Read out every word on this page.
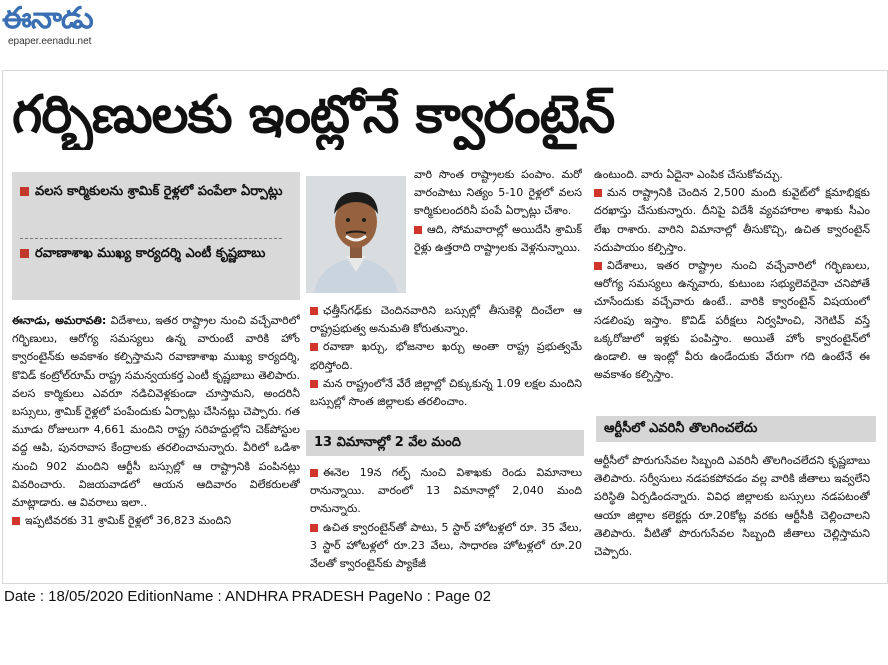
ఈనాడు
epaper.eenadu.net
గర్భిణులకు ఇంట్లోనే క్వారంటైన్
వలస కార్మికులను శ్రామిక్ రైళ్లలో పంపేలా ఏర్పాట్లు
రవాణాశాఖ ముఖ్య కార్యదర్శి ఎంటీ కృష్ణబాబు

ఈనాడు, అమరావతి: విదేశాలు, ఇతర రాష్ట్రాల నుంచి వచ్చేవారిలో గర్భిణులు, ఆరోగ్య సమస్యలు ఉన్న వారుంటే వారికి హోం క్వారంటైన్‌కు అవకాశం కల్పిస్తామని రవాణాశాఖ ముఖ్య కార్యదర్శి, కొవిడ్ కంట్రోల్‌రూమ్ రాష్ట్ర సమన్వయకర్త ఎంటీ కృష్ణబాబు తెలిపారు. వలస కార్మికులు ఎవరూ నడిచివెళ్లకుండా చూస్తామని, అందరినీ బస్సులు, శ్రామిక్ రైళ్లలో పంపేందుకు ఏర్పాట్లు చేసినట్లు చెప్పారు. గత మూడు రోజులుగా 4,661 మందిని రాష్ట్ర సరిహద్దుల్లోని చెక్‌పోస్టుల వద్ద ఆపి, పునరావాస కేంద్రాలకు తరలించామన్నారు. వీరిలో ఒడిశా నుంచి 902 మందిని ఆర్టీసీ బస్సుల్లో ఆ రాష్ట్రానికి పంపినట్లు వివరించారు. విజయవాడలో ఆయన ఆదివారం విలేకరులతో మాట్లాడారు. ఆ వివరాలు ఇలా..

ఇప్పటివరకు 31 శ్రామిక్ రైళ్లలో 36,823 మందిని

వారి సొంత రాష్ట్రాలకు పంపాం. మరో వారంపాటు నిత్యం 5-10 రైళ్లలో వలస కార్మికులందరినీ పంపే ఏర్పాట్లు చేశాం.

ఆది, సోమవారాల్లో అయిదేసి శ్రామిక్ రైళ్లు ఉత్తరాది రాష్ట్రాలకు వెళ్లనున్నాయి.

ఛత్తీస్‌గఢ్‌కు చెందినవారిని బస్సుల్లో తీసుకెళ్లి దించేలా ఆ రాష్ట్రప్రభుత్వ అనుమతి కోరుతున్నాం.

రవాణా ఖర్చు, భోజనాల ఖర్చు అంతా రాష్ట్ర ప్రభుత్వమే భరిస్తోంది.

మన రాష్ట్రంలోనే వేరే జిల్లాల్లో చిక్కుకున్న 1.09 లక్షల మందిని బస్సుల్లో సొంత జిల్లాలకు తరలించాం.

13 విమానాల్లో 2 వేల మంది

ఈనెల 19న గల్ఫ్ నుంచి విశాఖకు రెండు విమానాలు రానున్నాయి. వారంలో 13 విమానాల్లో 2,040 మంది రానున్నారు.

ఉచిత క్వారంటైన్‌తో పాటు, 5 స్టార్ హోటళ్లలో రూ. 35 వేలు, 3 స్టార్ హోటళ్లలో రూ.23 వేలు, సాధారణ హోటళ్లలో రూ.20 వేలతో క్వారంటైన్‌కు ప్యాకేజీ

ఉంటుంది. వారు ఏదైనా ఎంపిక చేసుకోవచ్చు.

మన రాష్ట్రానికి చెందిన 2,500 మంది కువైట్‌లో క్షమాభిక్షకు దరఖాస్తు చేసుకున్నారు. దీనిపై విదేశీ వ్యవహారాల శాఖకు సీఎం లేఖ రాశారు. వారిని విమానాల్లో తీసుకొచ్చి, ఉచిత క్వారంటైన్ సదుపాయం కల్పిస్తాం.

విదేశాలు, ఇతర రాష్ట్రాల నుంచి వచ్చేవారిలో గర్భిణులు, ఆరోగ్య సమస్యలు ఉన్నవారు, కుటుంబ సభ్యులెవరైనా చనిపోతే చూసేందుకు వచ్చేవారు ఉంటే.. వారికి క్వారంటైన్ విషయంలో సడలింపు ఇస్తాం. కొవిడ్ పరీక్షలు నిర్వహించి, నెగెటివ్ వస్తే ఒక్కరోజులో ఇళ్లకు పంపిస్తాం. అయితే హోం క్వారంటైన్‌లో ఉండాలి. ఆ ఇంట్లో వీరు ఉండేందుకు వేరుగా గది ఉంటేనే ఈ అవకాశం కల్పిస్తాం.

ఆర్టీసీలో ఎవరినీ తొలగించలేదు

ఆర్టీసీలో పొరుగుసేవల సిబ్బంది ఎవరినీ తొలగించలేదని కృష్ణబాబు తెలిపారు. సర్వీసులు నడపకపోవడం వల్ల వారికి జీతాలు ఇవ్వలేని పరిస్థితి ఏర్పడిందన్నారు. వివిధ జిల్లాలకు బస్సులు నడపటంతో ఆయా జిల్లాల కలెక్టర్లు రూ.20కోట్ల వరకు ఆర్టీసీకి చెల్లించాలని తెలిపారు. వీటితో పొరుగుసేవల సిబ్బంది జీతాలు చెల్లిస్తామని చెప్పారు.

Date : 18/05/2020 EditionName : ANDHRA PRADESH PageNo : Page 02
